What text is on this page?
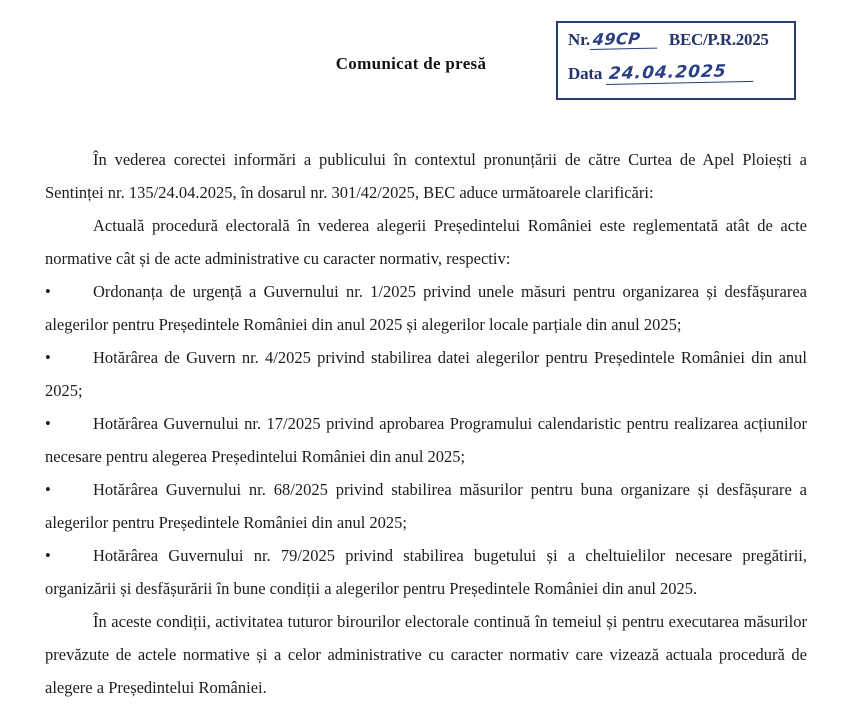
Nr. 49CP BEC/P.R.2025
Data 24.04.2025
Comunicat de presă

În vederea corectei informări a publicului în contextul pronunțării de către Curtea de Apel Ploiești a Sentinței nr. 135/24.04.2025, în dosarul nr. 301/42/2025, BEC aduce următoarele clarificări:

Actuală procedură electorală în vederea alegerii Președintelui României este reglementată atât de acte normative cât și de acte administrative cu caracter normativ, respectiv:

•	Ordonanța de urgență a Guvernului nr. 1/2025 privind unele măsuri pentru organizarea și desfășurarea alegerilor pentru Președintele României din anul 2025 și alegerilor locale parțiale din anul 2025;

•	Hotărârea de Guvern nr. 4/2025 privind stabilirea datei alegerilor pentru Președintele României din anul 2025;

•	Hotărârea Guvernului nr. 17/2025 privind aprobarea Programului calendaristic pentru realizarea acțiunilor necesare pentru alegerea Președintelui României din anul 2025;

•	Hotărârea Guvernului nr. 68/2025 privind stabilirea măsurilor pentru buna organizare și desfășurare a alegerilor pentru Președintele României din anul 2025;

•	Hotărârea Guvernului nr. 79/2025 privind stabilirea bugetului și a cheltuielilor necesare pregătirii, organizării și desfășurării în bune condiții a alegerilor pentru Președintele României din anul 2025.

În aceste condiții, activitatea tuturor birourilor electorale continuă în temeiul și pentru executarea măsurilor prevăzute de actele normative și a celor administrative cu caracter normativ care vizează actuala procedură de alegere a Președintelui României.
